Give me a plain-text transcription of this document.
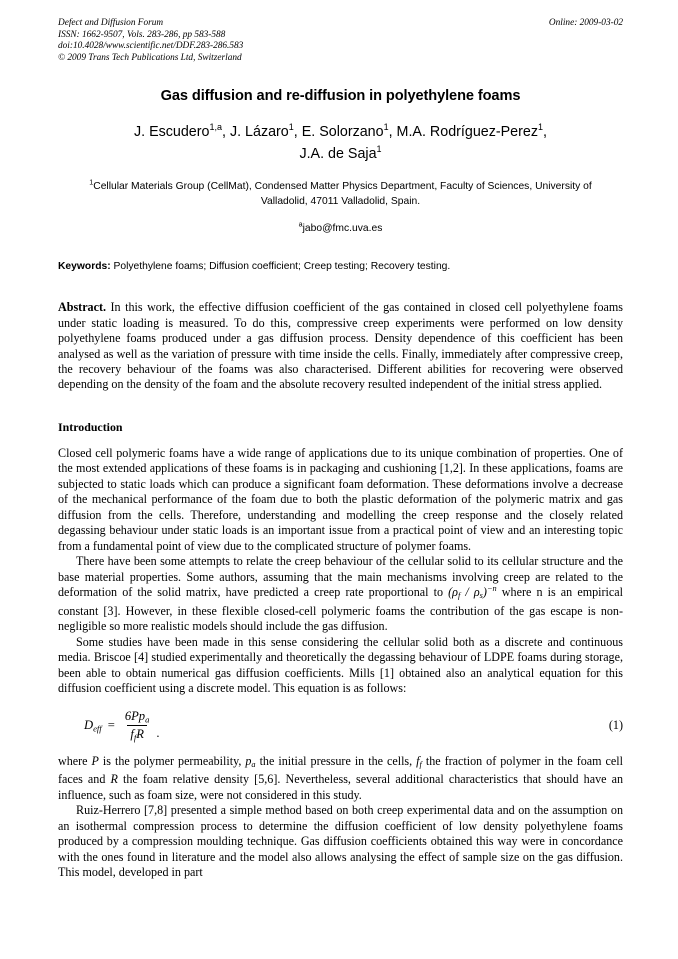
Defect and Diffusion Forum
ISSN: 1662-9507, Vols. 283-286, pp 583-588
doi:10.4028/www.scientific.net/DDF.283-286.583
© 2009 Trans Tech Publications Ltd, Switzerland
Online: 2009-03-02
Gas diffusion and re-diffusion in polyethylene foams
J. Escudero$^{1,a}$, J. Lázaro$^1$, E. Solorzano$^1$, M.A. Rodríguez-Perez$^1$,
J.A. de Saja$^1$
$^1$Cellular Materials Group (CellMat), Condensed Matter Physics Department, Faculty of Sciences, University of Valladolid, 47011 Valladolid, Spain.
$^a$jabo@fmc.uva.es
Keywords: Polyethylene foams; Diffusion coefficient; Creep testing; Recovery testing.
Abstract. In this work, the effective diffusion coefficient of the gas contained in closed cell polyethylene foams under static loading is measured. To do this, compressive creep experiments were performed on low density polyethylene foams produced under a gas diffusion process. Density dependence of this coefficient has been analysed as well as the variation of pressure with time inside the cells. Finally, immediately after compressive creep, the recovery behaviour of the foams was also characterised. Different abilities for recovering were observed depending on the density of the foam and the absolute recovery resulted independent of the initial stress applied.
Introduction
Closed cell polymeric foams have a wide range of applications due to its unique combination of properties. One of the most extended applications of these foams is in packaging and cushioning [1,2]. In these applications, foams are subjected to static loads which can produce a significant foam deformation. These deformations involve a decrease of the mechanical performance of the foam due to both the plastic deformation of the polymeric matrix and gas diffusion from the cells. Therefore, understanding and modelling the creep response and the closely related degassing behaviour under static loads is an important issue from a practical point of view and an interesting topic from a fundamental point of view due to the complicated structure of polymer foams.
There have been some attempts to relate the creep behaviour of the cellular solid to its cellular structure and the base material properties. Some authors, assuming that the main mechanisms involving creep are related to the deformation of the solid matrix, have predicted a creep rate proportional to $(\rho_f / \rho_s)^{-n}$ where n is an empirical constant [3]. However, in these flexible closed-cell polymeric foams the contribution of the gas escape is non-negligible so more realistic models should include the gas diffusion.
Some studies have been made in this sense considering the cellular solid both as a discrete and continuous media. Briscoe [4] studied experimentally and theoretically the degassing behaviour of LDPE foams during storage, been able to obtain numerical gas diffusion coefficients. Mills [1] obtained also an analytical equation for this diffusion coefficient using a discrete model. This equation is as follows:
Deff = $\frac{\text{6Ppa}}{\text{ffR}}$ .
(1)
where P is the polymer permeability, $p_a$ the initial pressure in the cells, $f_f$ the fraction of polymer in the foam cell faces and R the foam relative density [5,6]. Nevertheless, several additional characteristics that should have an influence, such as foam size, were not considered in this study.
Ruiz-Herrero [7,8] presented a simple method based on both creep experimental data and on the assumption on an isothermal compression process to determine the diffusion coefficient of low density polyethylene foams produced by a compression moulding technique. Gas diffusion coefficients obtained this way were in concordance with the ones found in literature and the model also allows analysing the effect of sample size on the gas diffusion. This model, developed in part
